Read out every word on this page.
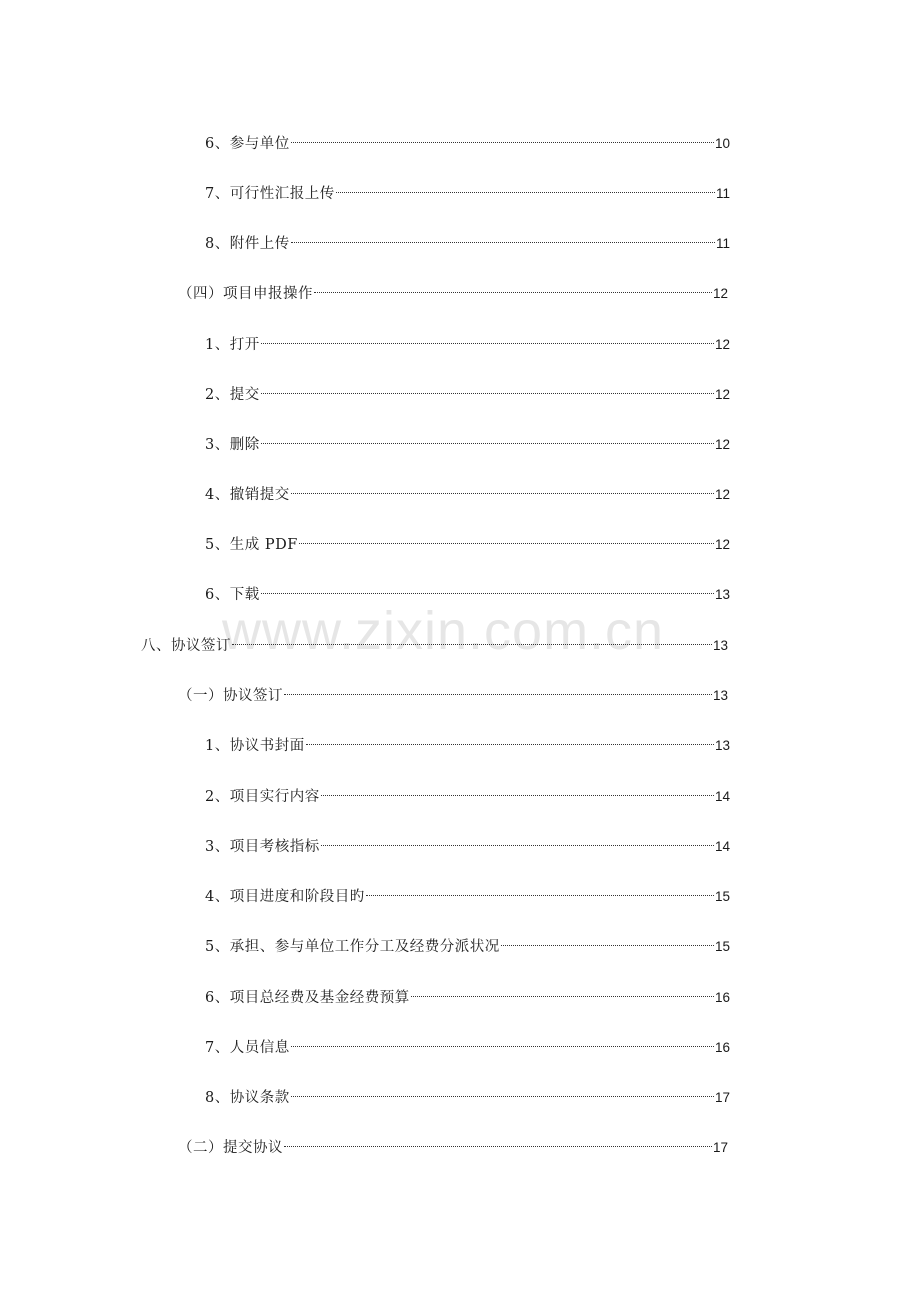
www.zixin.com.cn
6、参与单位	10
7、可行性汇报上传	11
8、附件上传	11
（四）项目申报操作	12
1、打开	12
2、提交	12
3、删除	12
4、撤销提交	12
5、生成 PDF	12
6、下载	13
八、协议签订	13
（一）协议签订	13
1、协议书封面	13
2、项目实行内容	14
3、项目考核指标	14
4、项目进度和阶段目旳	15
5、承担、参与单位工作分工及经费分派状况	15
6、项目总经费及基金经费预算	16
7、人员信息	16
8、协议条款	17
（二）提交协议	17
